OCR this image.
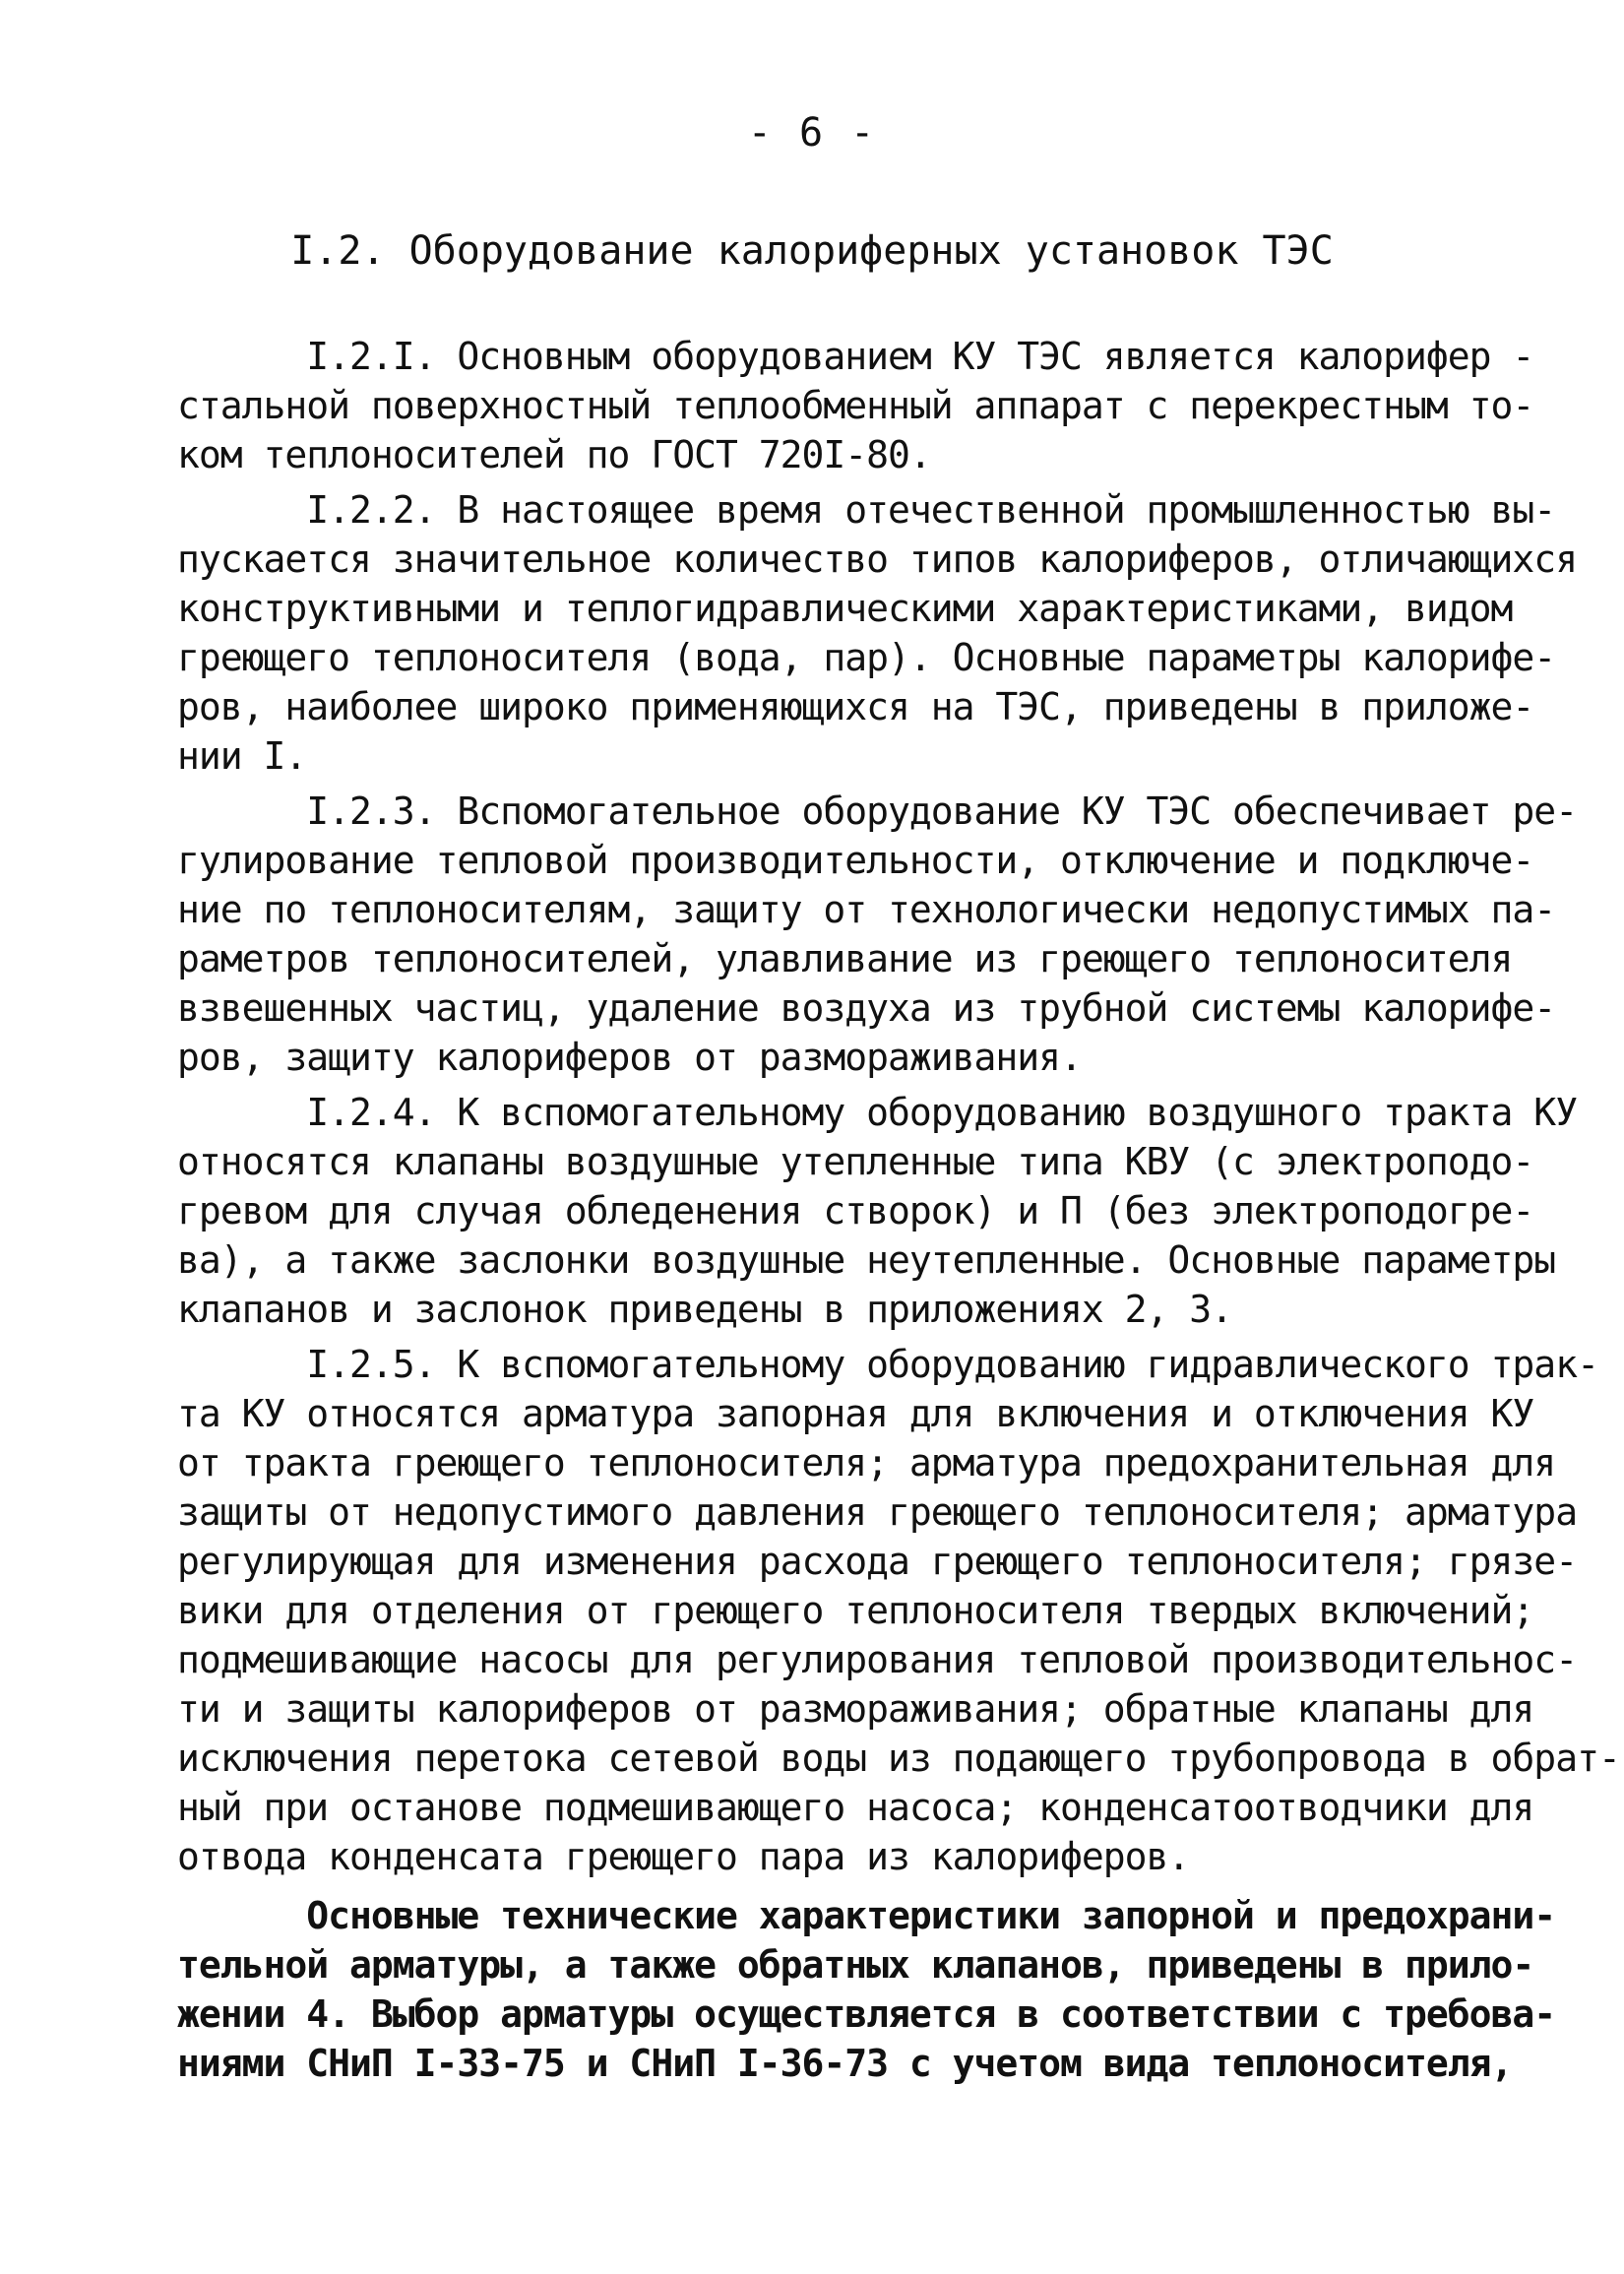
- 6 -
I.2. Оборудование калориферных установок ТЭС
I.2.I. Основным оборудованием КУ ТЭС является калорифер -
стальной поверхностный теплообменный аппарат с перекрестным то-
ком теплоносителей по ГОСТ 720I-80.
I.2.2. В настоящее время отечественной промышленностью вы-
пускается значительное количество типов калориферов, отличающихся
конструктивными и теплогидравлическими характеристиками, видом
греющего теплоносителя (вода, пар). Основные параметры калорифе-
ров, наиболее широко применяющихся на ТЭС, приведены в приложе-
нии I.
I.2.3. Вспомогательное оборудование КУ ТЭС обеспечивает ре-
гулирование тепловой производительности, отключение и подключе-
ние по теплоносителям, защиту от технологически недопустимых па-
раметров теплоносителей, улавливание из греющего теплоносителя
взвешенных частиц, удаление воздуха из трубной системы калорифе-
ров, защиту калориферов от размораживания.
I.2.4. К вспомогательному оборудованию воздушного тракта КУ
относятся клапаны воздушные утепленные типа КВУ (с электроподо-
гревом для случая обледенения створок) и П (без электроподогре-
ва), а также заслонки воздушные неутепленные. Основные параметры
клапанов и заслонок приведены в приложениях 2, 3.
I.2.5. К вспомогательному оборудованию гидравлического трак-
та КУ относятся арматура запорная для включения и отключения КУ
от тракта греющего теплоносителя; арматура предохранительная для
защиты от недопустимого давления греющего теплоносителя; арматура
регулирующая для изменения расхода греющего теплоносителя; грязе-
вики для отделения от греющего теплоносителя твердых включений;
подмешивающие насосы для регулирования тепловой производительнос-
ти и защиты калориферов от размораживания; обратные клапаны для
исключения перетока сетевой воды из подающего трубопровода в обрат-
ный при останове подмешивающего насоса; конденсатоотводчики для
отвода конденсата греющего пара из калориферов.
Основные технические характеристики запорной и предохрани-
тельной арматуры, а также обратных клапанов, приведены в прило-
жении 4. Выбор арматуры осуществляется в соответствии с требова-
ниями СНиП I-33-75 и СНиП I-36-73 с учетом вида теплоносителя,
